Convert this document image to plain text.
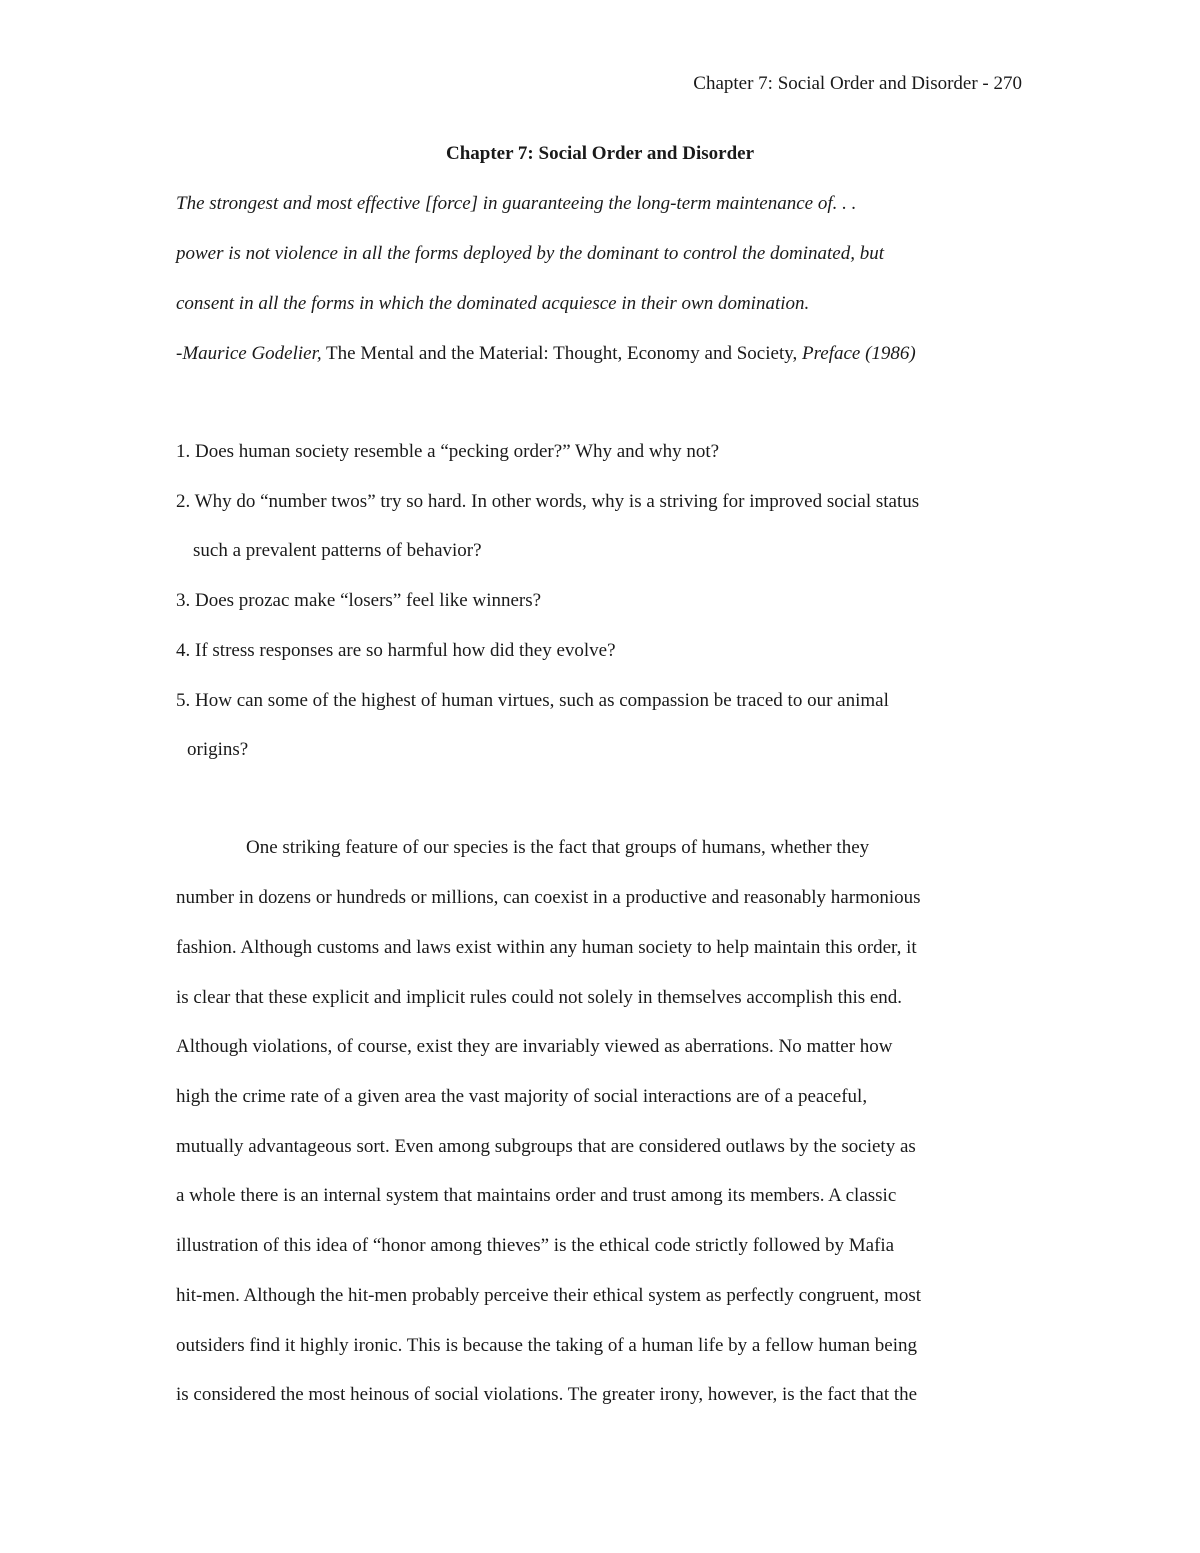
Chapter 7: Social Order and Disorder - 270
Chapter 7: Social Order and Disorder
The strongest and most effective [force] in guaranteeing the long-term maintenance of. . .
power is not violence in all the forms deployed by the dominant to control the dominated, but
consent in all the forms in which the dominated acquiesce in their own domination.
-Maurice Godelier, The Mental and the Material: Thought, Economy and Society, Preface (1986)
1. Does human society resemble a “pecking order?” Why and why not?
2. Why do “number twos” try so hard. In other words, why is a striving for improved social status
such a prevalent patterns of behavior?
3. Does prozac make “losers” feel like winners?
4. If stress responses are so harmful how did they evolve?
5. How can some of the highest of human virtues, such as compassion be traced to our animal
origins?
One striking feature of our species is the fact that groups of humans, whether they
number in dozens or hundreds or millions, can coexist in a productive and reasonably harmonious
fashion. Although customs and laws exist within any human society to help maintain this order, it
is clear that these explicit and implicit rules could not solely in themselves accomplish this end.
Although violations, of course, exist they are invariably viewed as aberrations. No matter how
high the crime rate of a given area the vast majority of social interactions are of a peaceful,
mutually advantageous sort. Even among subgroups that are considered outlaws by the society as
a whole there is an internal system that maintains order and trust among its members. A classic
illustration of this idea of “honor among thieves” is the ethical code strictly followed by Mafia
hit-men. Although the hit-men probably perceive their ethical system as perfectly congruent, most
outsiders find it highly ironic. This is because the taking of a human life by a fellow human being
is considered the most heinous of social violations. The greater irony, however, is the fact that the
